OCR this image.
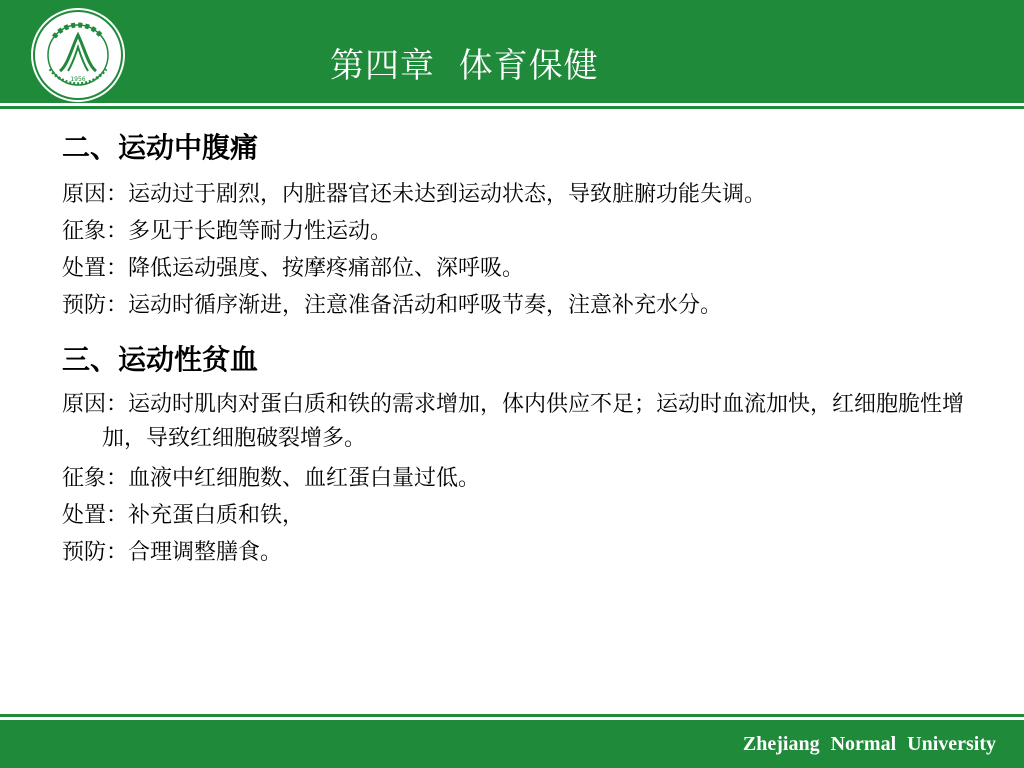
1956	第四章  体育保健

二、运动中腹痛

原因：运动过于剧烈，内脏器官还未达到运动状态，导致脏腑功能失调。

征象：多见于长跑等耐力性运动。

处置：降低运动强度、按摩疼痛部位、深呼吸。

预防：运动时循序渐进，注意准备活动和呼吸节奏，注意补充水分。

三、运动性贫血

原因：运动时肌肉对蛋白质和铁的需求增加，体内供应不足；运动时血流加快，红细胞脆性增加，导致红细胞破裂增多。

征象：血液中红细胞数、血红蛋白量过低。

处置：补充蛋白质和铁，

预防：合理调整膳食。

Zhejiang Normal University
